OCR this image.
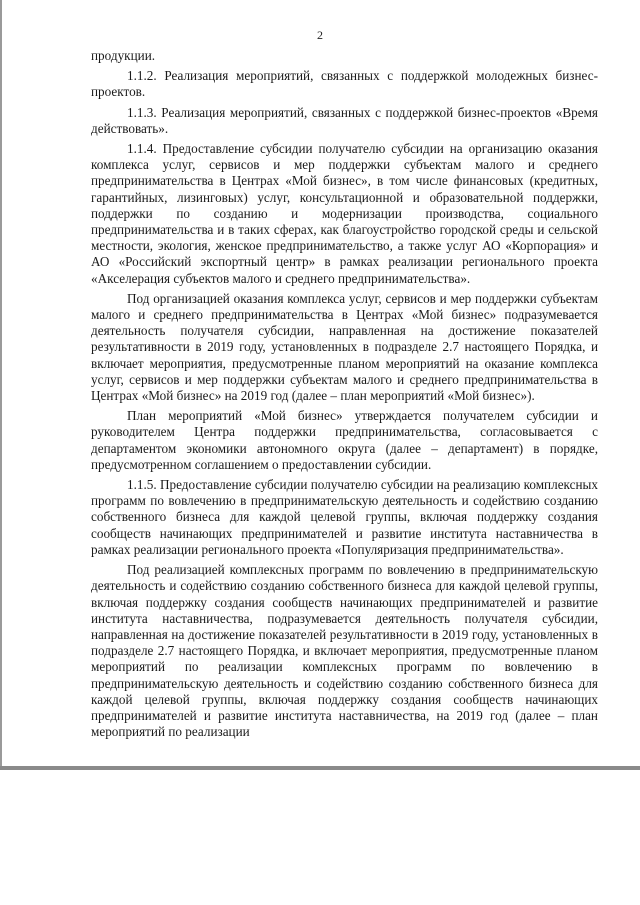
2

продукции.

1.1.2. Реализация мероприятий, связанных с поддержкой молодежных бизнес-проектов.

1.1.3. Реализация мероприятий, связанных с поддержкой бизнес-проектов «Время действовать».

1.1.4. Предоставление субсидии получателю субсидии на организацию оказания комплекса услуг, сервисов и мер поддержки субъектам малого и среднего предпринимательства в Центрах «Мой бизнес», в том числе финансовых (кредитных, гарантийных, лизинговых) услуг, консультационной и образовательной поддержки, поддержки по созданию и модернизации производства, социального предпринимательства и в таких сферах, как благоустройство городской среды и сельской местности, экология, женское предпринимательство, а также услуг АО «Корпорация» и АО «Российский экспортный центр» в рамках реализации регионального проекта «Акселерация субъектов малого и среднего предпринимательства».

Под организацией оказания комплекса услуг, сервисов и мер поддержки субъектам малого и среднего предпринимательства в Центрах «Мой бизнес» подразумевается деятельность получателя субсидии, направленная на достижение показателей результативности в 2019 году, установленных в подразделе 2.7 настоящего Порядка, и включает мероприятия, предусмотренные планом мероприятий на оказание комплекса услуг, сервисов и мер поддержки субъектам малого и среднего предпринимательства в Центрах «Мой бизнес» на 2019 год (далее – план мероприятий «Мой бизнес»).

План мероприятий «Мой бизнес» утверждается получателем субсидии и руководителем Центра поддержки предпринимательства, согласовывается с департаментом экономики автономного округа (далее – департамент) в порядке, предусмотренном соглашением о предоставлении субсидии.

1.1.5. Предоставление субсидии получателю субсидии на реализацию комплексных программ по вовлечению в предпринимательскую деятельность и содействию созданию собственного бизнеса для каждой целевой группы, включая поддержку создания сообществ начинающих предпринимателей и развитие института наставничества в рамках реализации регионального проекта «Популяризация предпринимательства».

Под реализацией комплексных программ по вовлечению в предпринимательскую деятельность и содействию созданию собственного бизнеса для каждой целевой группы, включая поддержку создания сообществ начинающих предпринимателей и развитие института наставничества, подразумевается деятельность получателя субсидии, направленная на достижение показателей результативности в 2019 году, установленных в подразделе 2.7 настоящего Порядка, и включает мероприятия, предусмотренные планом мероприятий по реализации комплексных программ по вовлечению в предпринимательскую деятельность и содействию созданию собственного бизнеса для каждой целевой группы, включая поддержку создания сообществ начинающих предпринимателей и развитие института наставничества, на 2019 год (далее – план мероприятий по реализации
